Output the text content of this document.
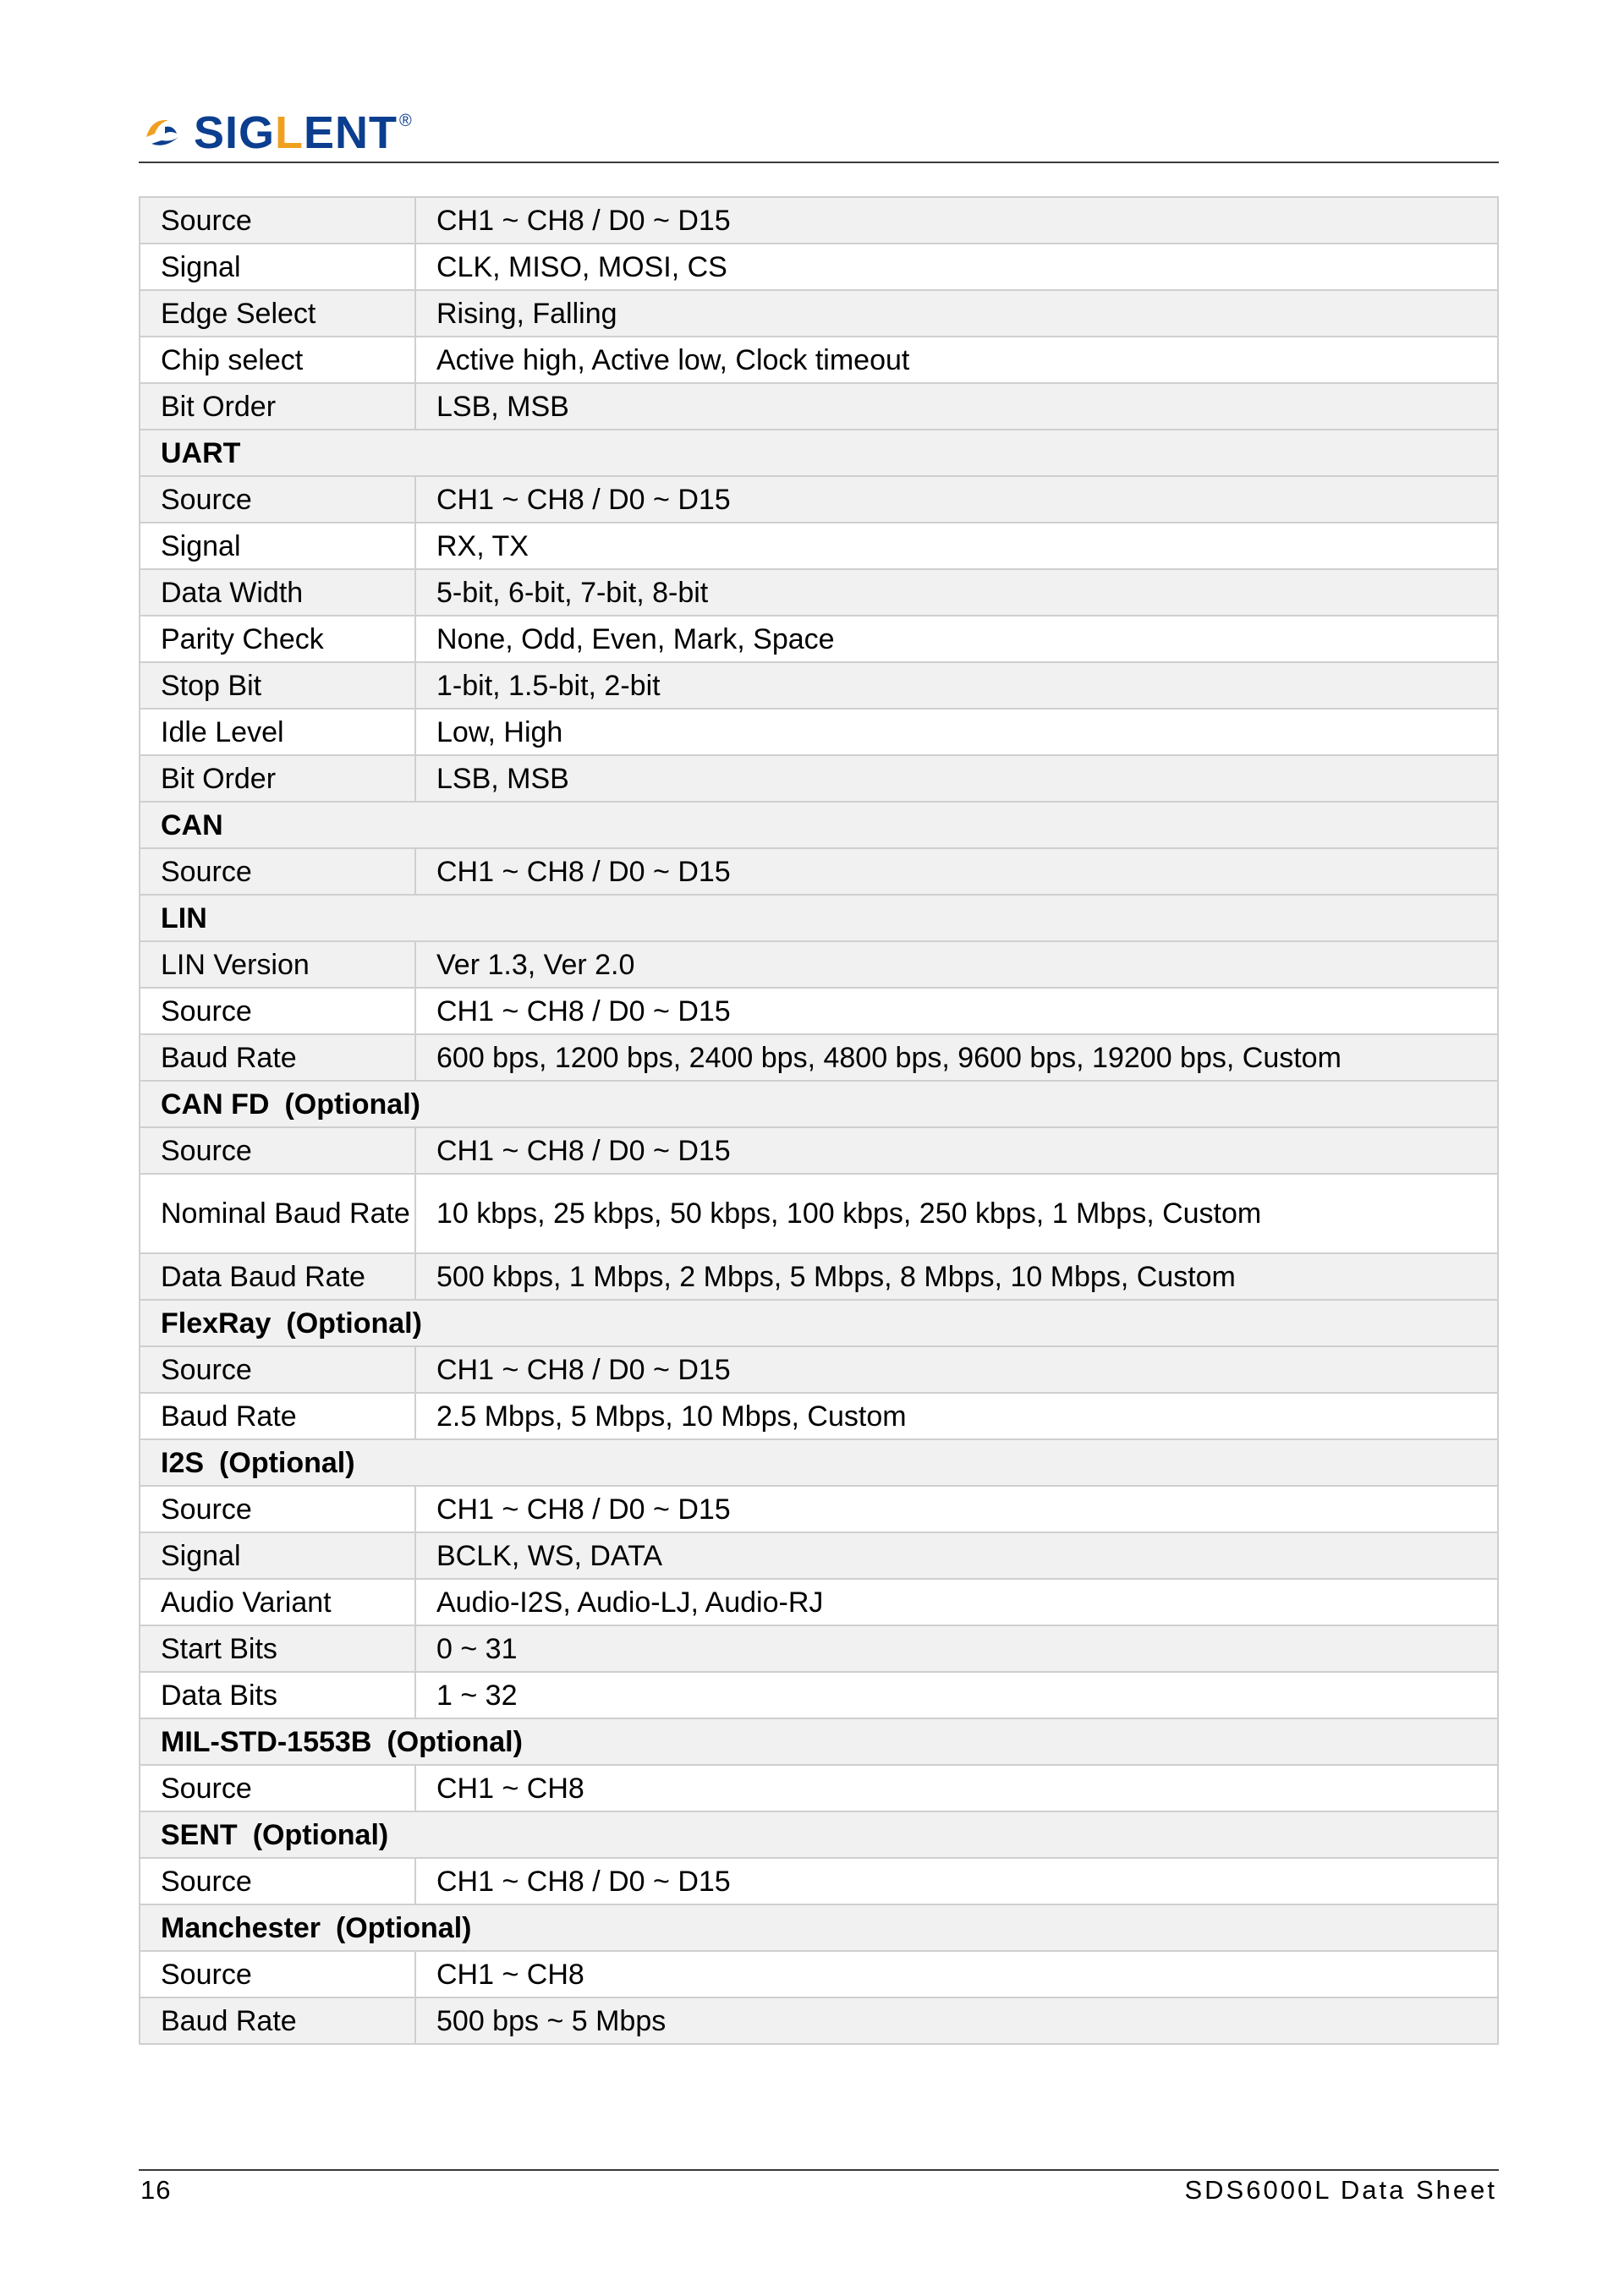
SIGLENT ®
Source	CH1 ~ CH8 / D0 ~ D15
Signal	CLK, MISO, MOSI, CS
Edge Select	Rising, Falling
Chip select	Active high, Active low, Clock timeout
Bit Order	LSB, MSB
UART	
Source	CH1 ~ CH8 / D0 ~ D15
Signal	RX, TX
Data Width	5-bit, 6-bit, 7-bit, 8-bit
Parity Check	None, Odd, Even, Mark, Space
Stop Bit	1-bit, 1.5-bit, 2-bit
Idle Level	Low, High
Bit Order	LSB, MSB
CAN	
Source	CH1 ~ CH8 / D0 ~ D15
LIN	
LIN Version	Ver 1.3, Ver 2.0
Source	CH1 ~ CH8 / D0 ~ D15
Baud Rate	600 bps, 1200 bps, 2400 bps, 4800 bps, 9600 bps, 19200 bps, Custom
CAN FD (Optional)	
Source	CH1 ~ CH8 / D0 ~ D15
Nominal Baud Rate	10 kbps, 25 kbps, 50 kbps, 100 kbps, 250 kbps, 1 Mbps, Custom
Data Baud Rate	500 kbps, 1 Mbps, 2 Mbps, 5 Mbps, 8 Mbps, 10 Mbps, Custom
FlexRay (Optional)	
Source	CH1 ~ CH8 / D0 ~ D15
Baud Rate	2.5 Mbps, 5 Mbps, 10 Mbps, Custom
I2S (Optional)	
Source	CH1 ~ CH8 / D0 ~ D15
Signal	BCLK, WS, DATA
Audio Variant	Audio-I2S, Audio-LJ, Audio-RJ
Start Bits	0 ~ 31
Data Bits	1 ~ 32
MIL-STD-1553B (Optional)	
Source	CH1 ~ CH8
SENT (Optional)	
Source	CH1 ~ CH8 / D0 ~ D15
Manchester (Optional)	
Source	CH1 ~ CH8
Baud Rate	500 bps ~ 5 Mbps
16	SDS6000L Data Sheet
